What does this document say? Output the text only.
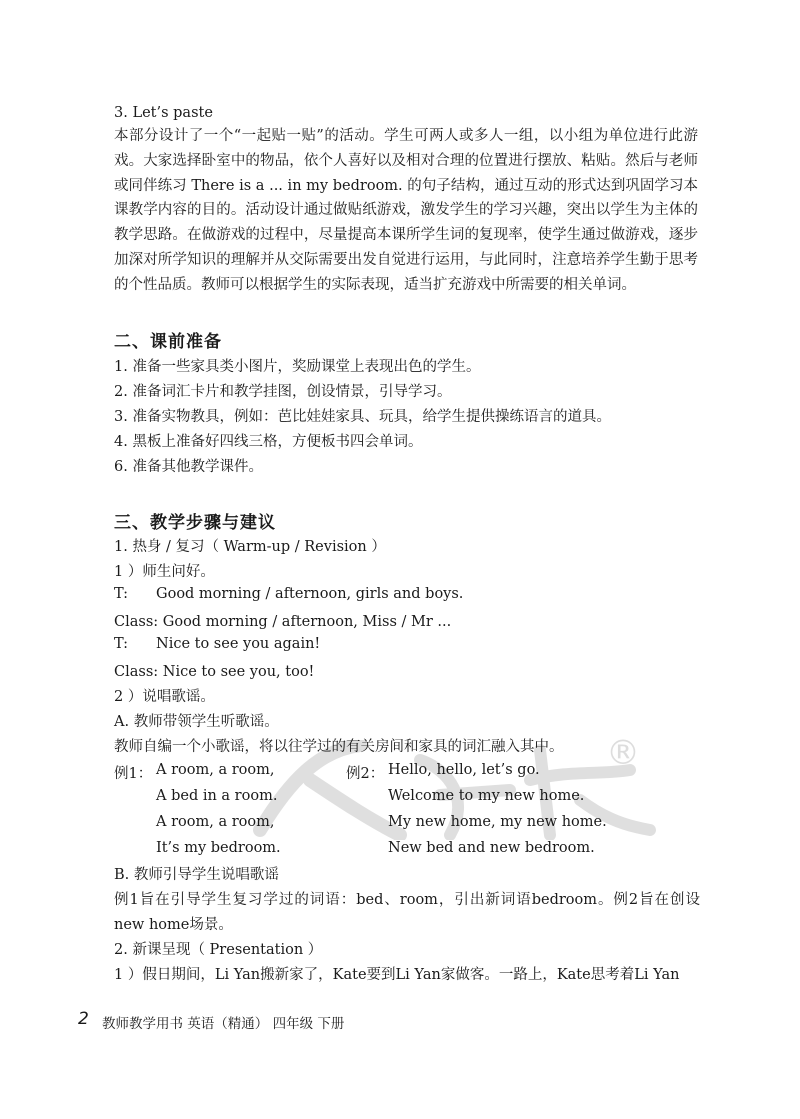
®
3. Let’s paste
本部分设计了一个“一起贴一贴”的活动。学生可两人或多人一组，以小组为单位进行此游戏。大家选择卧室中的物品，依个人喜好以及相对合理的位置进行摆放、粘贴。然后与老师或同伴练习 There is a ... in my bedroom. 的句子结构，通过互动的形式达到巩固学习本课教学内容的目的。活动设计通过做贴纸游戏，激发学生的学习兴趣，突出以学生为主体的教学思路。在做游戏的过程中，尽量提高本课所学生词的复现率，使学生通过做游戏，逐步加深对所学知识的理解并从交际需要出发自觉进行运用，与此同时，注意培养学生勤于思考的个性品质。教师可以根据学生的实际表现，适当扩充游戏中所需要的相关单词。
二、课前准备
1. 准备一些家具类小图片，奖励课堂上表现出色的学生。
2. 准备词汇卡片和教学挂图，创设情景，引导学习。
3. 准备实物教具，例如：芭比娃娃家具、玩具，给学生提供操练语言的道具。
4. 黑板上准备好四线三格，方便板书四会单词。
6. 准备其他教学课件。
三、教学步骤与建议
1. 热身 / 复习（ Warm-up / Revision ）
1 ）师生问好。
T:	Good morning / afternoon, girls and boys.
Class: Good morning / afternoon, Miss / Mr ...
T:	Nice to see you again!
Class: Nice to see you, too!
2 ）说唱歌谣。
A. 教师带领学生听歌谣。
教师自编一个小歌谣，将以往学过的有关房间和家具的词汇融入其中。
例1： A room, a room,
A bed in a room.
A room, a room,
It’s my bedroom.
例2： Hello, hello, let’s go.
Welcome to my new home.
My new home, my new home.
New bed and new bedroom.
B. 教师引导学生说唱歌谣
例1旨在引导学生复习学过的词语：bed、room，引出新词语bedroom。例2旨在创设 new home场景。
2. 新课呈现（ Presentation ）
1 ）假日期间，Li Yan搬新家了，Kate要到Li Yan家做客。一路上，Kate思考着Li Yan
2 教师教学用书 英语（精通） 四年级 下册
